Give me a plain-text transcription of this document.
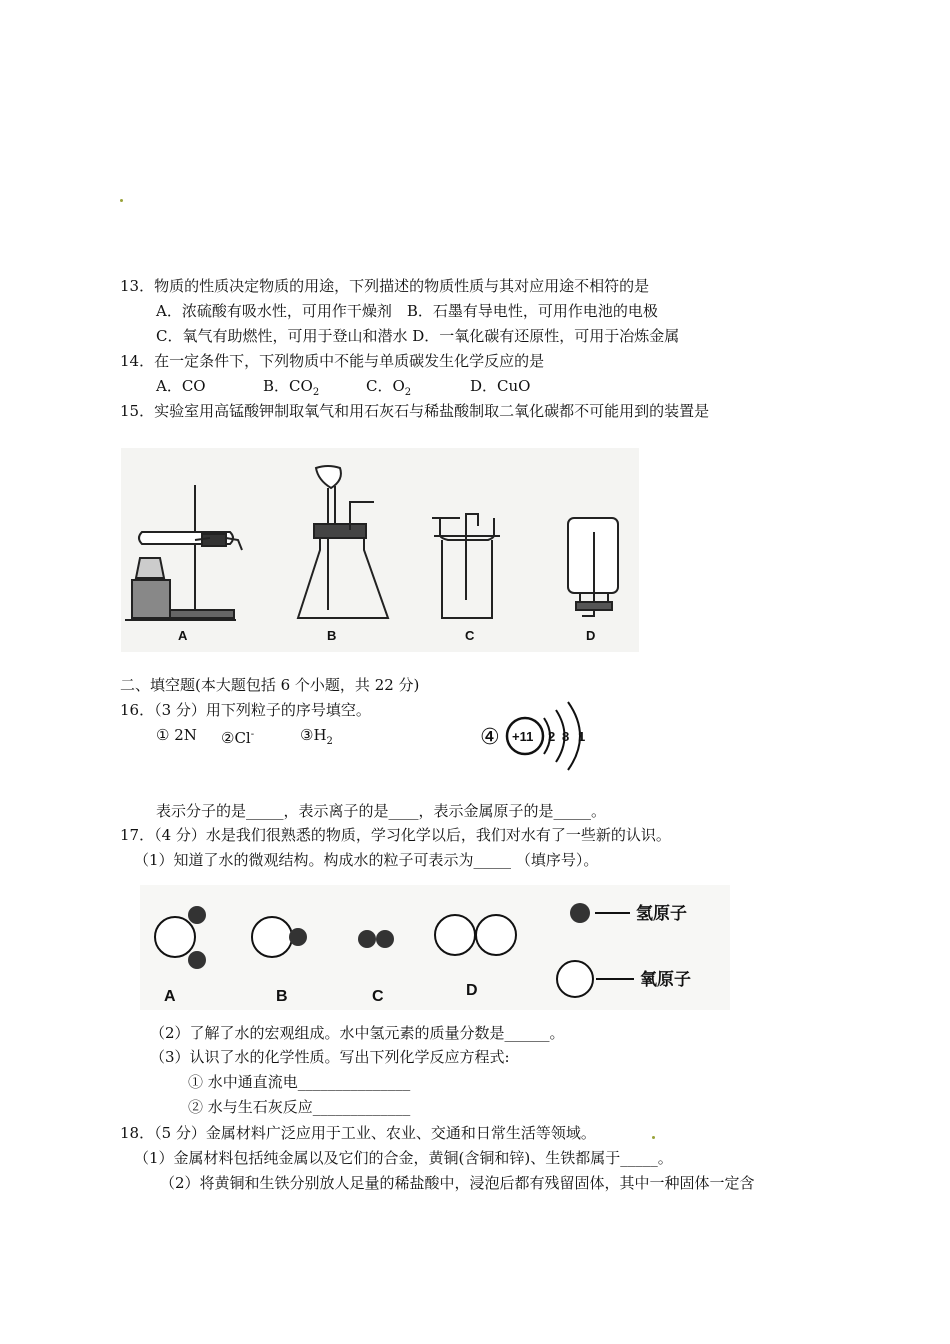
13．物质的性质决定物质的用途，下列描述的物质性质与其对应用途不相符的是
A．浓硫酸有吸水性，可用作干燥剂　B．石墨有导电性，可用作电池的电极
C．氧气有助燃性，可用于登山和潜水 D．一氧化碳有还原性，可用于冶炼金属
14．在一定条件下，下列物质中不能与单质碳发生化学反应的是
A．CO	B．$CO_2$	C．$O_2$	D．CuO
15．实验室用高锰酸钾制取氧气和用石灰石与稀盐酸制取二氧化碳都不可能用到的装置是
A	B	C	D
二、填空题(本大题包括 6 个小题，共 22 分)
16．（3 分）用下列粒子的序号填空。
① 2N ②Cl-	$③H_2$	④ +11 2 8 1
表示分子的是_____，表示离子的是____，表示金属原子的是_____。
17．（4 分）水是我们很熟悉的物质，学习化学以后，我们对水有了一些新的认识。
（1）知道了水的微观结构。构成水的粒子可表示为_____ （填序号）。
A	B	C	D
氢原子
氧原子
（2）了解了水的宏观组成。水中氢元素的质量分数是______。
（3）认识了水的化学性质。写出下列化学反应方程式:
① 水中通直流电_______________
② 水与生石灰反应_____________
18．（5 分）金属材料广泛应用于工业、农业、交通和日常生活等领域。
（1）金属材料包括纯金属以及它们的合金，黄铜(含铜和锌)、生铁都属于_____。
（2）将黄铜和生铁分别放人足量的稀盐酸中，浸泡后都有残留固体，其中一种固体一定含
